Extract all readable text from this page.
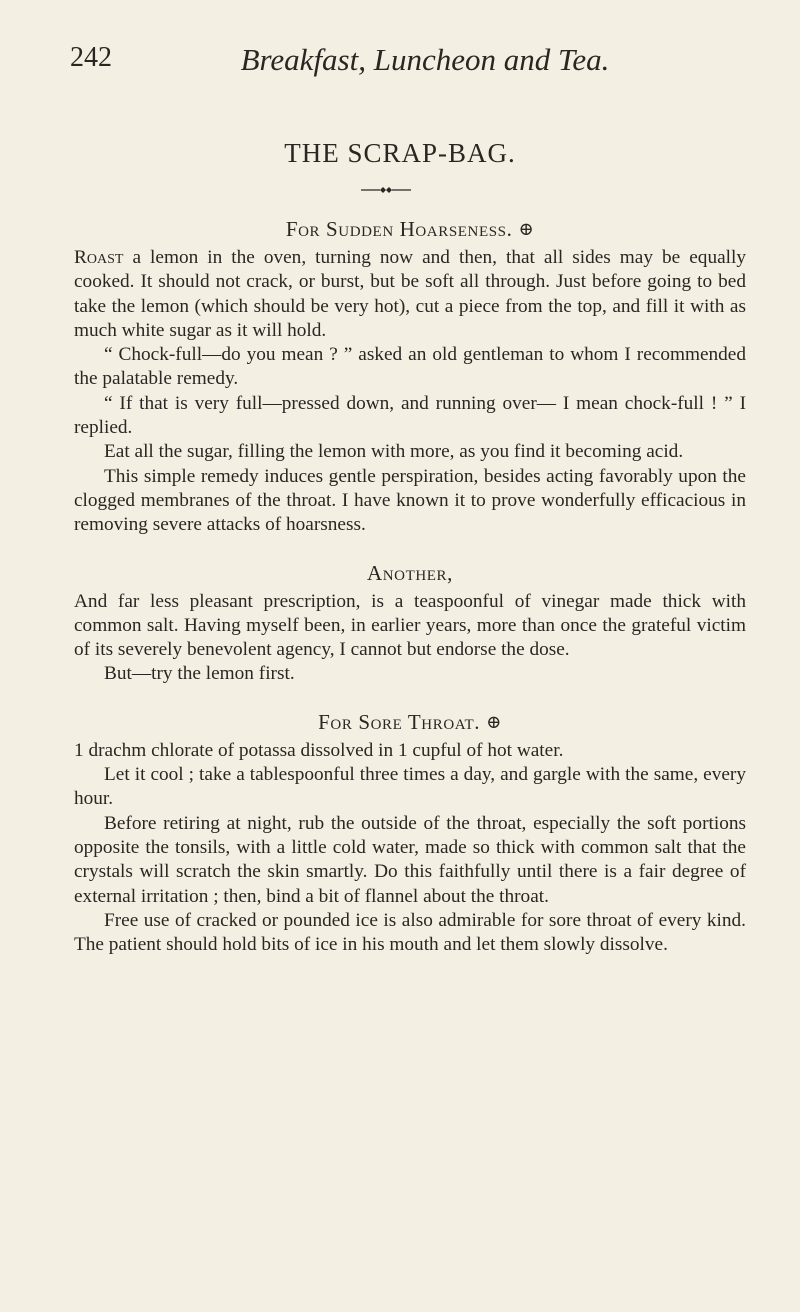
242	Breakfast, Luncheon and Tea.
THE SCRAP-BAG.
For Sudden Hoarseness. ⊕

Roast a lemon in the oven, turning now and then, that all sides may be equally cooked. It should not crack, or burst, but be soft all through. Just before going to bed take the lemon (which should be very hot), cut a piece from the top, and fill it with as much white sugar as it will hold.

“ Chock-full—do you mean ? ” asked an old gentleman to whom I recommended the palatable remedy.

“ If that is very full—pressed down, and running over— I mean chock-full ! ” I replied.

Eat all the sugar, filling the lemon with more, as you find it becoming acid.

This simple remedy induces gentle perspiration, besides acting favorably upon the clogged membranes of the throat. I have known it to prove wonderfully efficacious in removing severe attacks of hoarsness.

Another,

And far less pleasant prescription, is a teaspoonful of vinegar made thick with common salt. Having myself been, in earlier years, more than once the grateful victim of its severely benevolent agency, I cannot but endorse the dose.

But—try the lemon first.

For Sore Throat. ⊕

1 drachm chlorate of potassa dissolved in 1 cupful of hot water.

Let it cool ; take a tablespoonful three times a day, and gargle with the same, every hour.

Before retiring at night, rub the outside of the throat, especially the soft portions opposite the tonsils, with a little cold water, made so thick with common salt that the crystals will scratch the skin smartly. Do this faithfully until there is a fair degree of external irritation ; then, bind a bit of flannel about the throat.

Free use of cracked or pounded ice is also admirable for sore throat of every kind. The patient should hold bits of ice in his mouth and let them slowly dissolve.
